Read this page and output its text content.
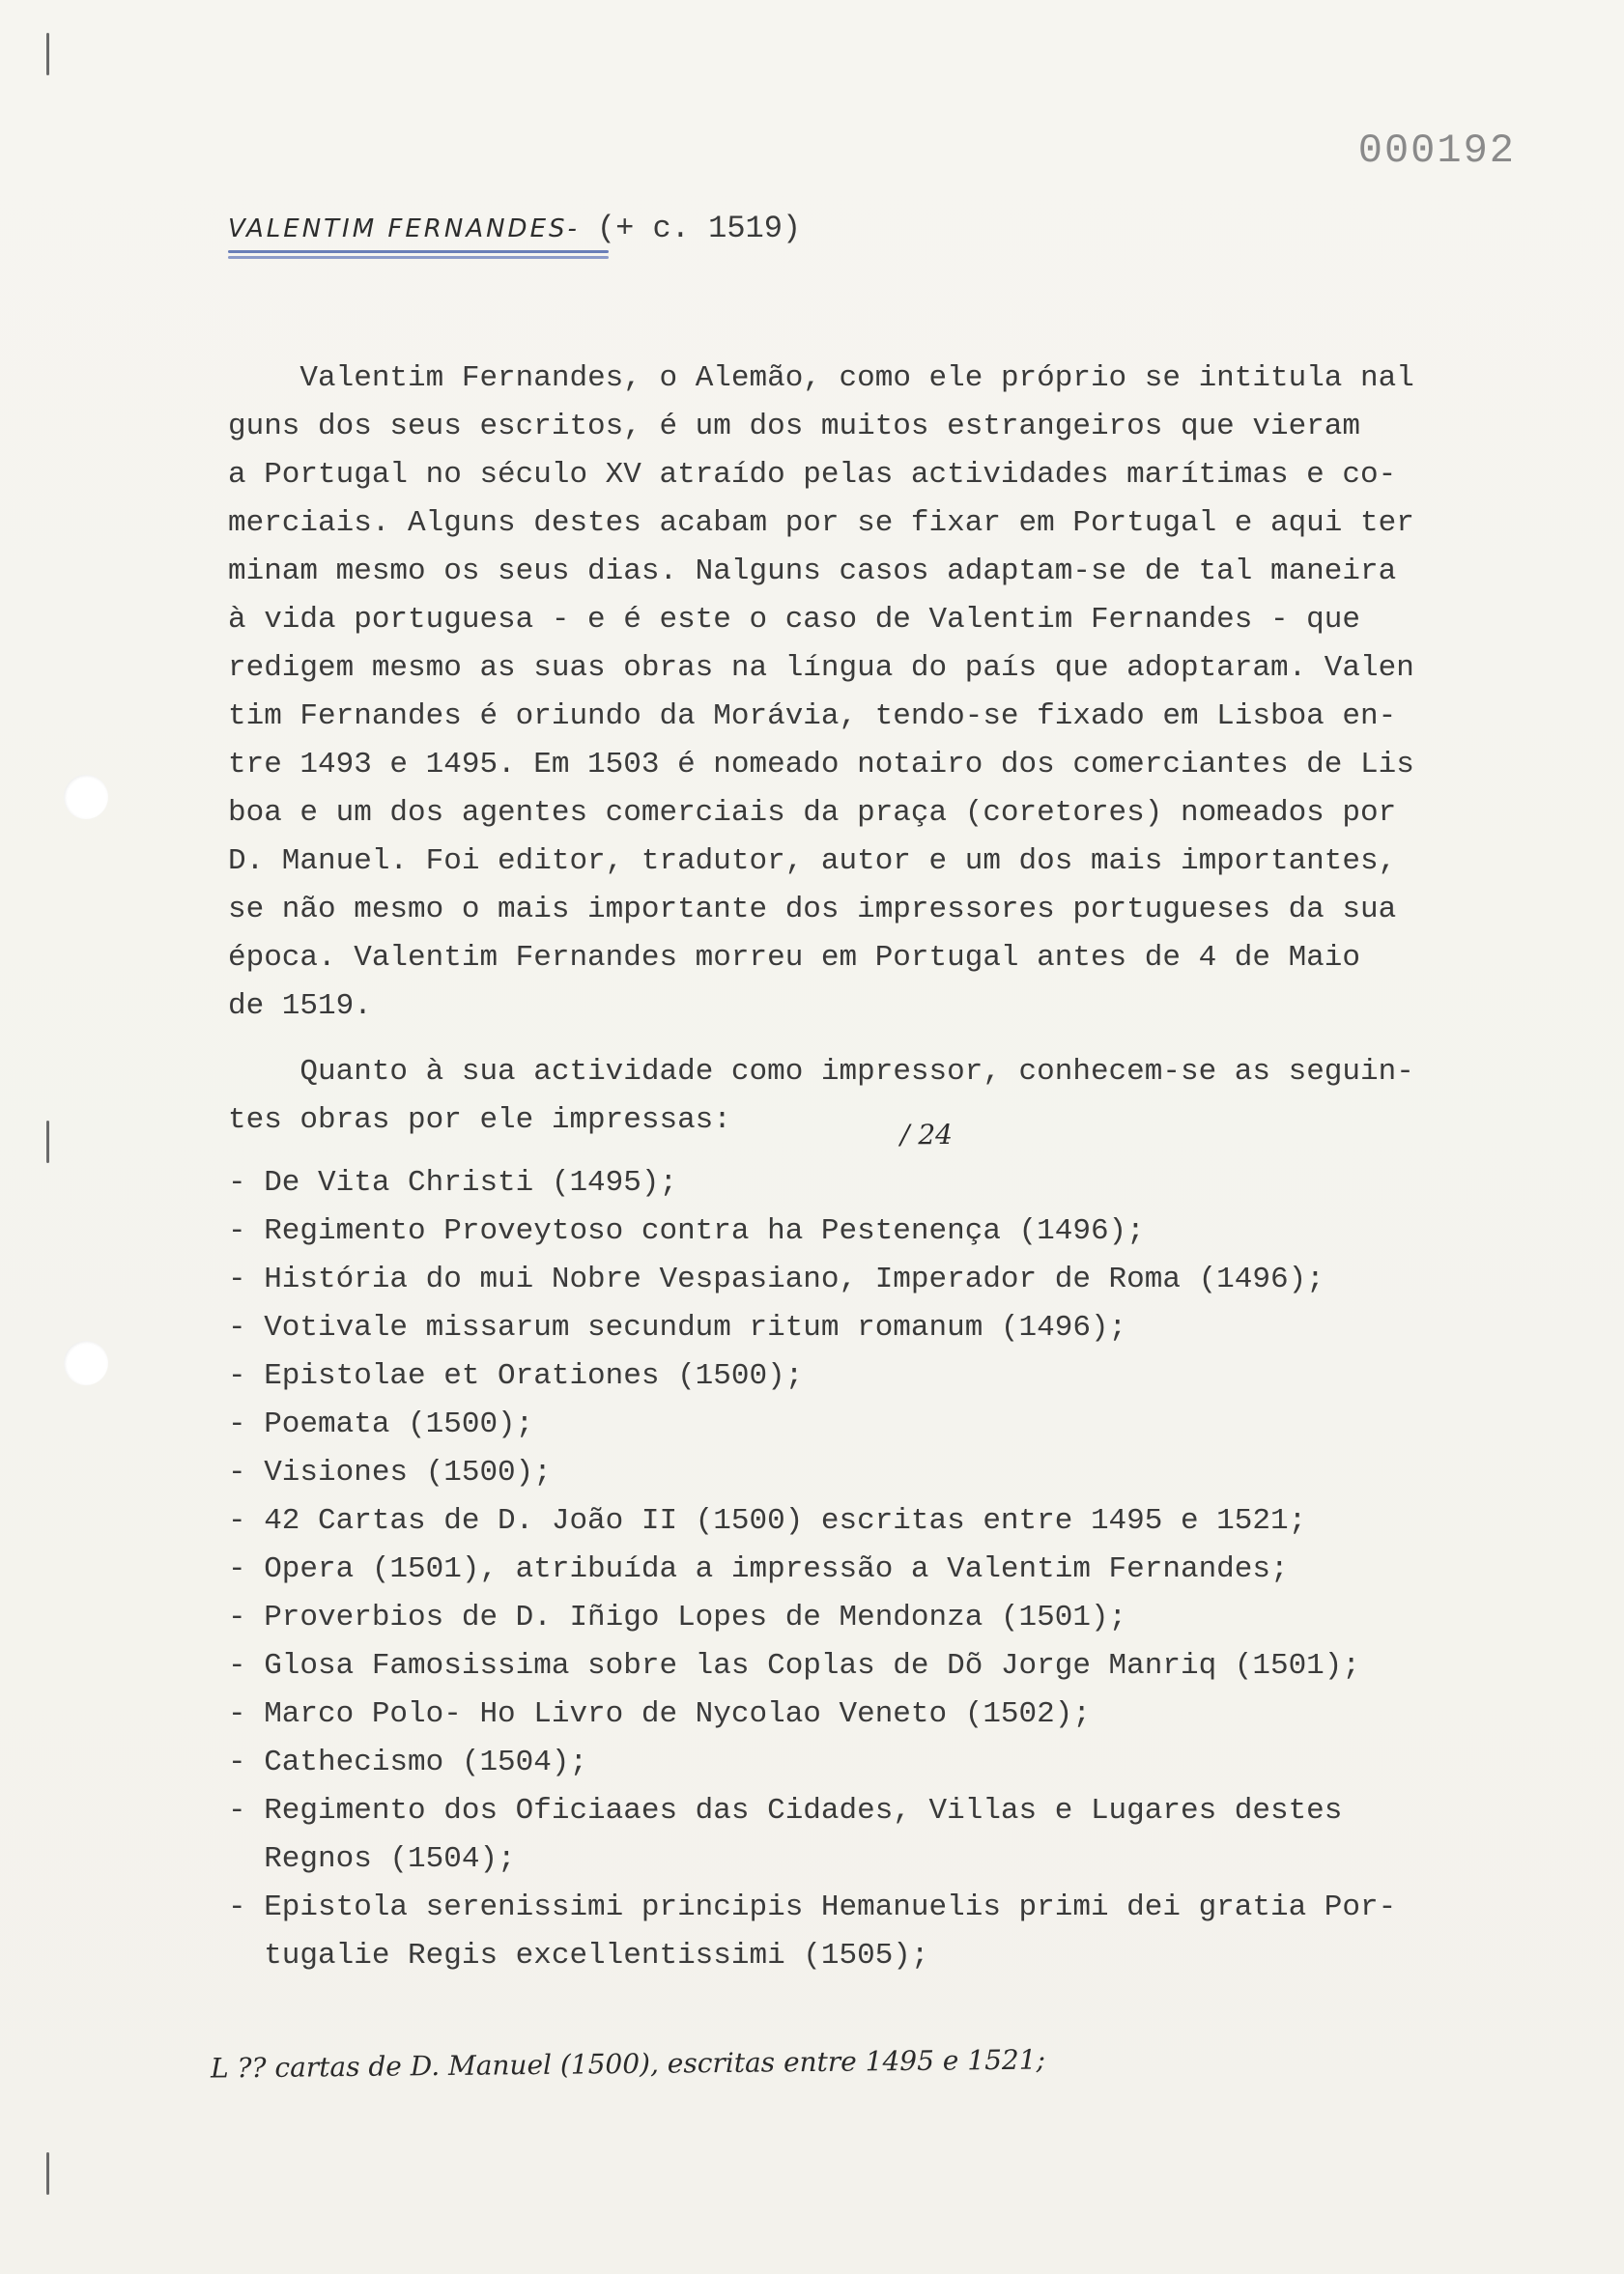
000192
VALENTIM FERNANDES- (+ c. 1519)

Valentim Fernandes, o Alemão, como ele próprio se intitula nal

guns dos seus escritos, é um dos muitos estrangeiros que vieram

a Portugal no século XV atraído pelas actividades marítimas e co-

merciais. Alguns destes acabam por se fixar em Portugal e aqui ter

minam mesmo os seus dias. Nalguns casos adaptam-se de tal maneira

à vida portuguesa - e é este o caso de Valentim Fernandes - que

redigem mesmo as suas obras na língua do país que adoptaram. Valen

tim Fernandes é oriundo da Morávia, tendo-se fixado em Lisboa en-

tre 1493 e 1495. Em 1503 é nomeado notairo dos comerciantes de Lis

boa e um dos agentes comerciais da praça (coretores) nomeados por

D. Manuel. Foi editor, tradutor, autor e um dos mais importantes,

se não mesmo o mais importante dos impressores portugueses da sua

época. Valentim Fernandes morreu em Portugal antes de 4 de Maio

de 1519.

Quanto à sua actividade como impressor, conhecem-se as seguin-

tes obras por ele impressas:	/ 24
- De Vita Christi (1495);
- Regimento Proveytoso contra ha Pestenença (1496);
- História do mui Nobre Vespasiano, Imperador de Roma (1496);
- Votivale missarum secundum ritum romanum (1496);
- Epistolae et Orationes (1500);
- Poemata (1500);
- Visiones (1500);
- 42 Cartas de D. João II (1500) escritas entre 1495 e 1521;
- Opera (1501), atribuída a impressão a Valentim Fernandes;
- Proverbios de D. Iñigo Lopes de Mendonza (1501);
- Glosa Famosissima sobre las Coplas de Dõ Jorge Manriq (1501);
- Marco Polo- Ho Livro de Nycolao Veneto (1502);
- Cathecismo (1504);
- Regimento dos Oficiaaes das Cidades, Villas e Lugares destes
Regnos (1504);
- Epistola serenissimi principis Hemanuelis primi dei gratia Por-
tugalie Regis excellentissimi (1505);
L ?? cartas de D. Manuel (1500), escritas entre 1495 e 1521;
